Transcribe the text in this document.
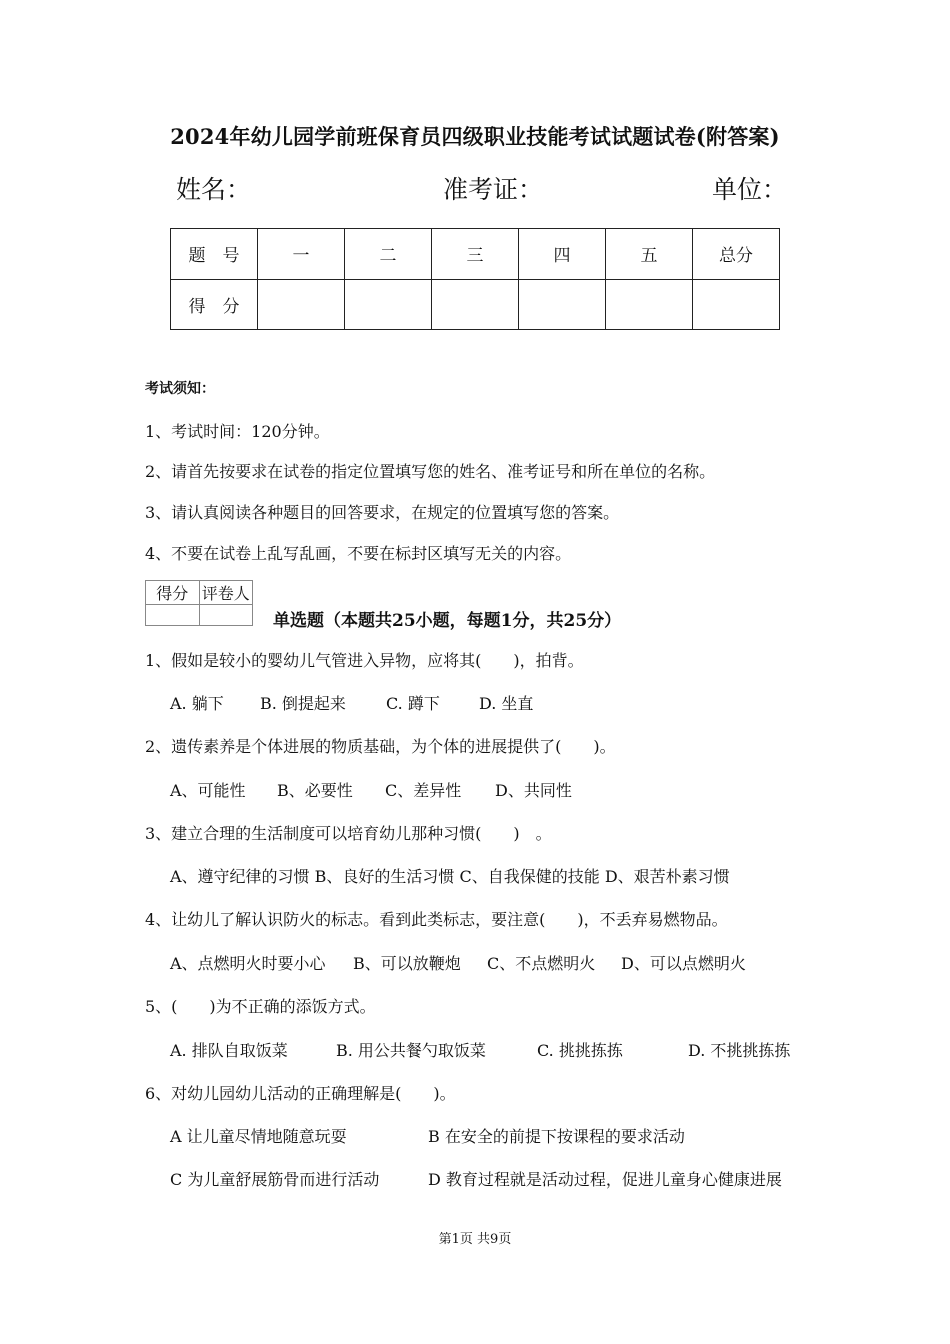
2024年幼儿园学前班保育员四级职业技能考试试题试卷(附答案)
姓名：	准考证：	单位：
题　号	一	二	三	四	五	总分
得　分						
考试须知：
1、考试时间：120分钟。
2、请首先按要求在试卷的指定位置填写您的姓名、准考证号和所在单位的名称。
3、请认真阅读各种题目的回答要求，在规定的位置填写您的答案。
4、不要在试卷上乱写乱画，不要在标封区填写无关的内容。
得分	评卷人

单选题（本题共25小题，每题1分，共25分）
1、假如是较小的婴幼儿气管进入异物，应将其(　　)，拍背。
A. 躺下 B. 倒提起来	C. 蹲下 D. 坐直
2、遗传素养是个体进展的物质基础，为个体的进展提供了(　　)。
A、可能性 B、必要性 C、差异性 D、共同性
3、建立合理的生活制度可以培育幼儿那种习惯(　　)　。
A、遵守纪律的习惯 B、良好的生活习惯 C、自我保健的技能 D、艰苦朴素习惯
4、让幼儿了解认识防火的标志。看到此类标志，要注意(　　)，不丢弃易燃物品。
A、点燃明火时要小心 B、可以放鞭炮 C、不点燃明火 D、可以点燃明火
5、(　　)为不正确的添饭方式。
A. 排队自取饭菜	B. 用公共餐勺取饭菜	C. 挑挑拣拣	D. 不挑挑拣拣
6、对幼儿园幼儿活动的正确理解是(　　)。
A 让儿童尽情地随意玩耍	B 在安全的前提下按课程的要求活动
C 为儿童舒展筋骨而进行活动	D 教育过程就是活动过程，促进儿童身心健康进展
第1页 共9页
